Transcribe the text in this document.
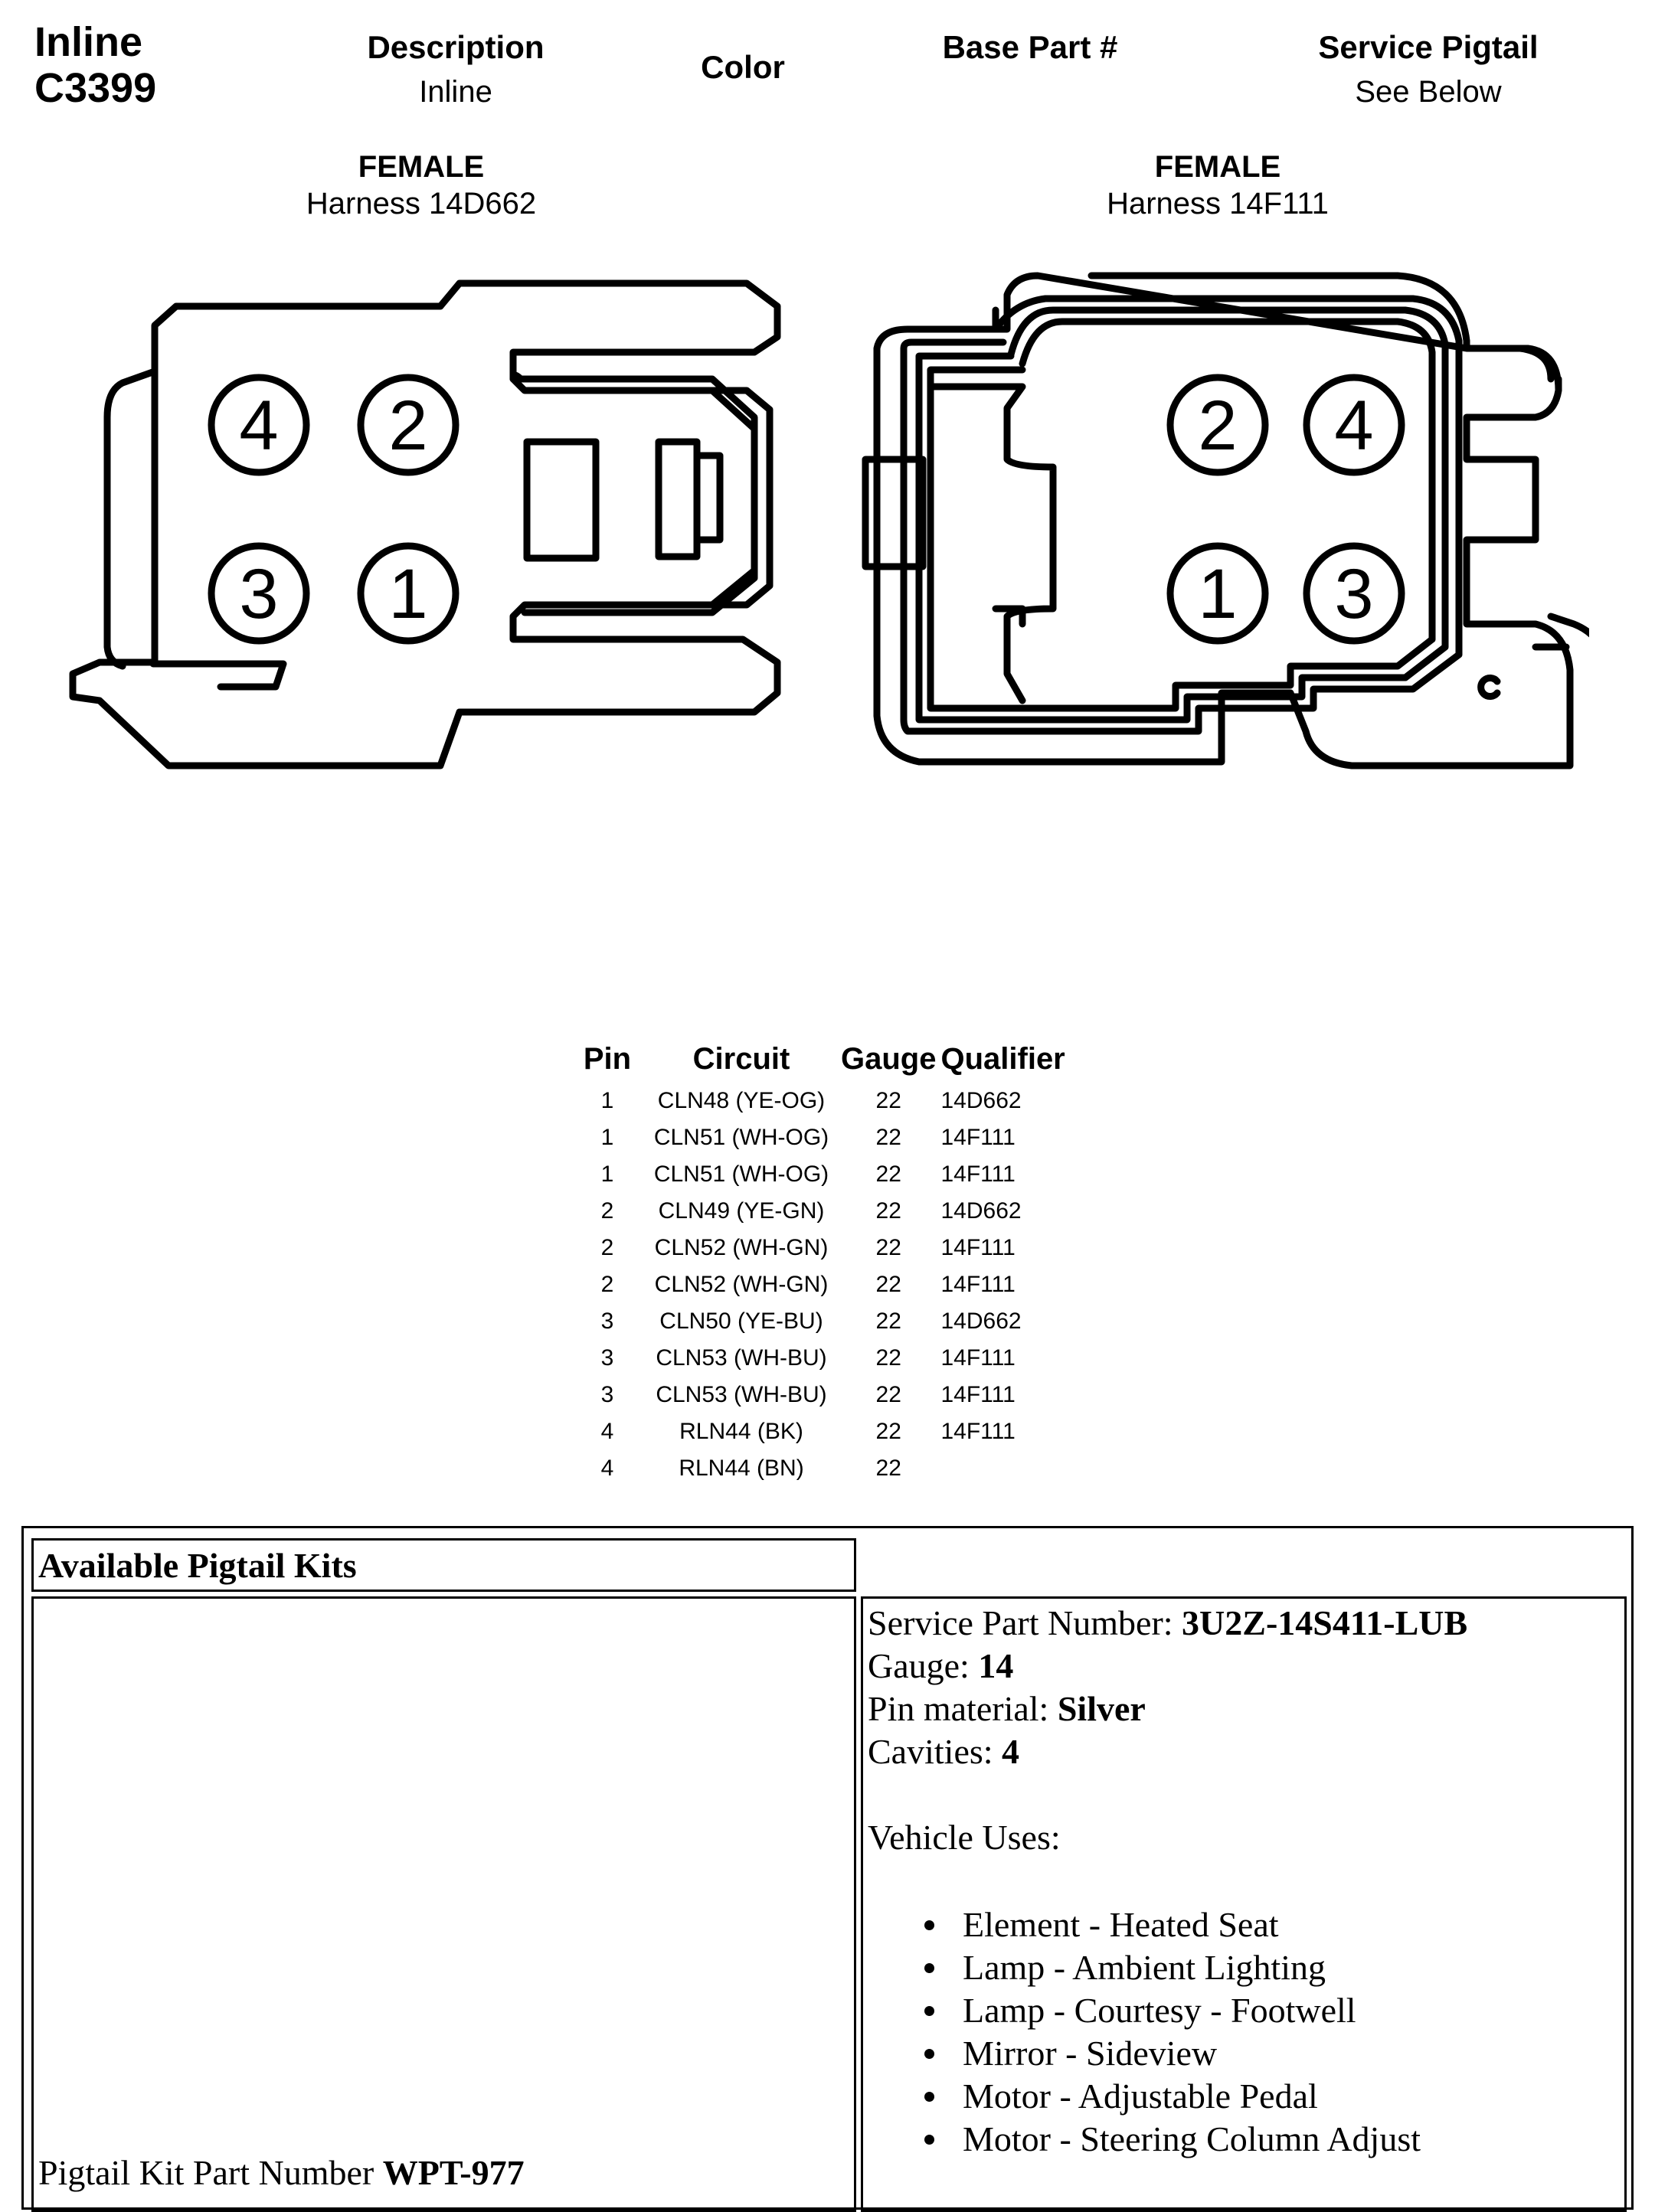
Inline
C3399
Description
Inline
Color
Base Part #	Service Pigtail
See Below
FEMALE
Harness 14D662
FEMALE
Harness 14F111
4 2
3 1
2 4
1 3
Pin	Circuit	Gauge	Qualifier
1	CLN48 (YE-OG)	22	14D662
1	CLN51 (WH-OG)	22	14F111
1	CLN51 (WH-OG)	22	14F111
2	CLN49 (YE-GN)	22	14D662
2	CLN52 (WH-GN)	22	14F111
2	CLN52 (WH-GN)	22	14F111
3	CLN50 (YE-BU)	22	14D662
3	CLN53 (WH-BU)	22	14F111
3	CLN53 (WH-BU)	22	14F111
4	RLN44 (BK)	22	14F111
4	RLN44 (BN)	22	
Available Pigtail Kits
Pigtail Kit Part Number WPT-977
Service Part Number: 3U2Z-14S411-LUB
Gauge: 14
Pin material: Silver
Cavities: 4
Vehicle Uses:
Element - Heated Seat
Lamp - Ambient Lighting
Lamp - Courtesy - Footwell
Mirror - Sideview
Motor - Adjustable Pedal
Motor - Steering Column Adjust
